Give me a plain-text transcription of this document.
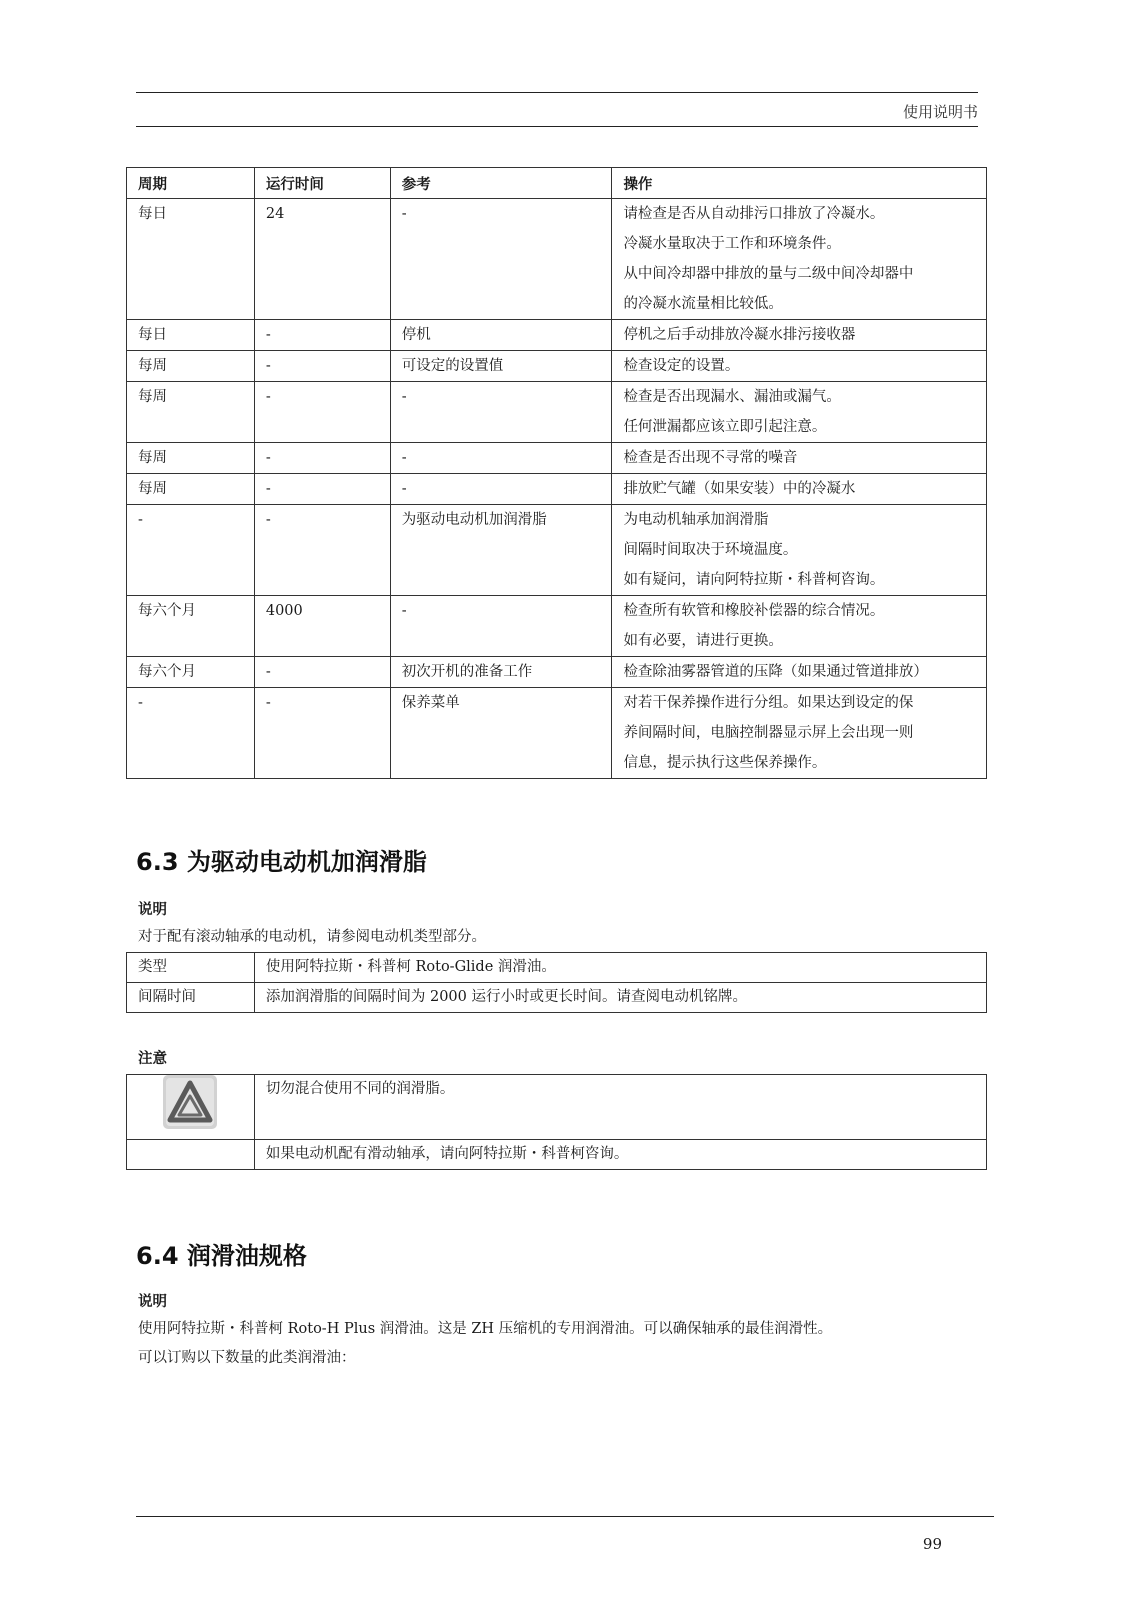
使用说明书
周期	运行时间	参考	操作
每日	24	-	请检查是否从自动排污口排放了冷凝水。
冷凝水量取决于工作和环境条件。
从中间冷却器中排放的量与二级中间冷却器中
的冷凝水流量相比较低。

每日	-	停机	停机之后手动排放冷凝水排污接收器

每周	-	可设定的设置值	检查设定的设置。

每周	-	-	检查是否出现漏水、漏油或漏气。
任何泄漏都应该立即引起注意。

每周	-	-	检查是否出现不寻常的噪音

每周	-	-	排放贮气罐（如果安装）中的冷凝水

-	-	为驱动电动机加润滑脂	为电动机轴承加润滑脂
间隔时间取决于环境温度。
如有疑问，请向阿特拉斯・科普柯咨询。

每六个月	4000	-	检查所有软管和橡胶补偿器的综合情况。
如有必要，请进行更换。

每六个月	-	初次开机的准备工作	检查除油雾器管道的压降（如果通过管道排放）

-	-	保养菜单	对若干保养操作进行分组。如果达到设定的保
养间隔时间，电脑控制器显示屏上会出现一则
信息，提示执行这些保养操作。
6.3 为驱动电动机加润滑脂
说明
对于配有滚动轴承的电动机，请参阅电动机类型部分。
类型	使用阿特拉斯・科普柯 Roto-Glide 润滑油。
间隔时间	添加润滑脂的间隔时间为 2000 运行小时或更长时间。请查阅电动机铭牌。
注意
	切勿混合使用不同的润滑脂。
	如果电动机配有滑动轴承，请向阿特拉斯・科普柯咨询。
6.4 润滑油规格
说明
使用阿特拉斯・科普柯 Roto-H Plus 润滑油。这是 ZH 压缩机的专用润滑油。可以确保轴承的最佳润滑性。
可以订购以下数量的此类润滑油：
99
